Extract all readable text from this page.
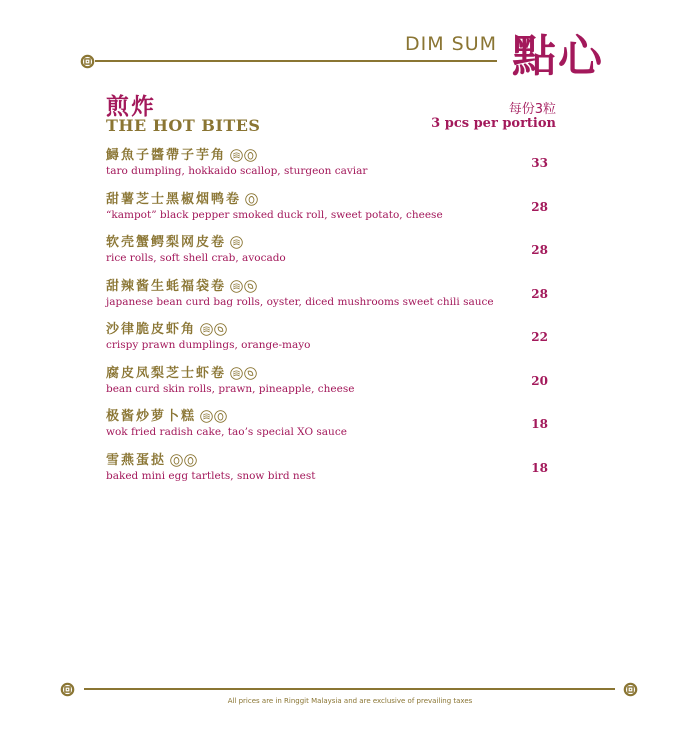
DIM SUM 點心
煎炸
THE HOT BITES
每份3粒
3 pcs per portion
鱘魚子醬帶子芋角
taro dumpling, hokkaido scallop, sturgeon caviar
33
甜薯芝士黑椒烟鸭卷
“kampot” black pepper smoked duck roll, sweet potato, cheese
28
软壳蟹鳄梨网皮卷
rice rolls, soft shell crab, avocado
28
甜辣酱生蚝福袋卷
japanese bean curd bag rolls, oyster, diced mushrooms sweet chili sauce
28
沙律脆皮虾角
crispy prawn dumplings, orange-mayo
22
腐皮凤梨芝士虾卷
bean curd skin rolls, prawn, pineapple, cheese
20
极酱炒萝卜糕
wok fried radish cake, tao’s special XO sauce
18
雪燕蛋挞
baked mini egg tartlets, snow bird nest
18
All prices are in Ringgit Malaysia and are exclusive of prevailing taxes
